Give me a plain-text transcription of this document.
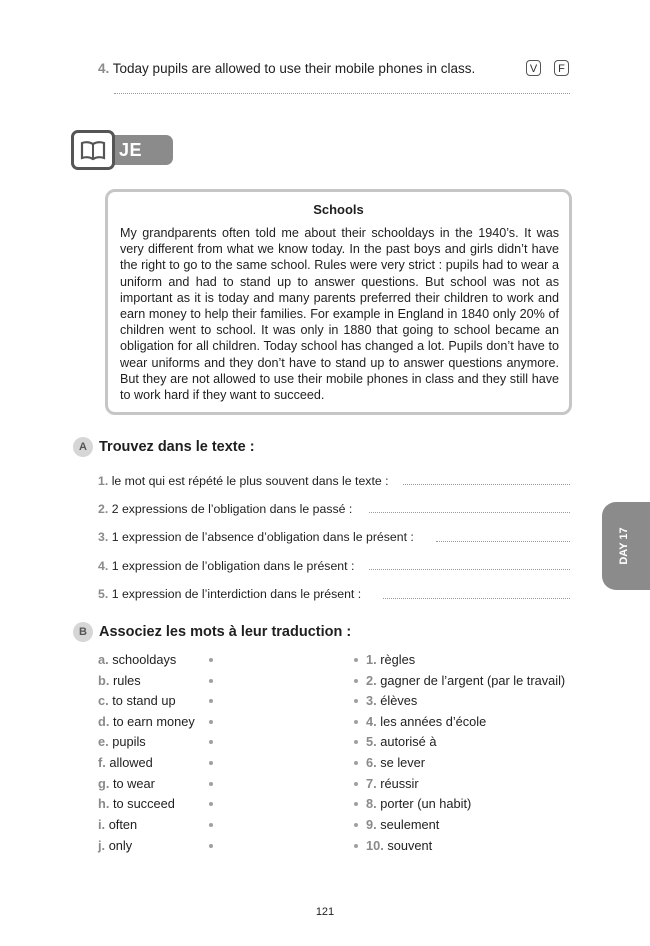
4. Today pupils are allowed to use their mobile phones in class.	V	F
JE LIS
Schools
My grandparents often told me about their schooldays in the 1940’s. It was very different from what we know today. In the past boys and girls didn’t have the right to go to the same school. Rules were very strict : pupils had to wear a uniform and had to stand up to answer questions. But school was not as important as it is today and many parents preferred their children to work and earn money to help their families. For example in England in 1840 only 20% of children went to school. It was only in 1880 that going to school became an obligation for all children. Today school has changed a lot. Pupils don’t have to wear uniforms and they don’t have to stand up to answer questions anymore. But they are not allowed to use their mobile phones in class and they still have to work hard if they want to succeed.
A Trouvez dans le texte :
1. le mot qui est répété le plus souvent dans le texte :
2. 2 expressions de l’obligation dans le passé :
3. 1 expression de l’absence d’obligation dans le présent :
4. 1 expression de l’obligation dans le présent :
5. 1 expression de l’interdiction dans le présent :
B Associez les mots à leur traduction :
a. schooldays
b. rules
c. to stand up
d. to earn money
e. pupils
f. allowed
g. to wear
h. to succeed
i. often
j. only
1. règles
2. gagner de l’argent (par le travail)
3. élèves
4. les années d’école
5. autorisé à
6. se lever
7. réussir
8. porter (un habit)
9. seulement
10. souvent
DAY 17
121
